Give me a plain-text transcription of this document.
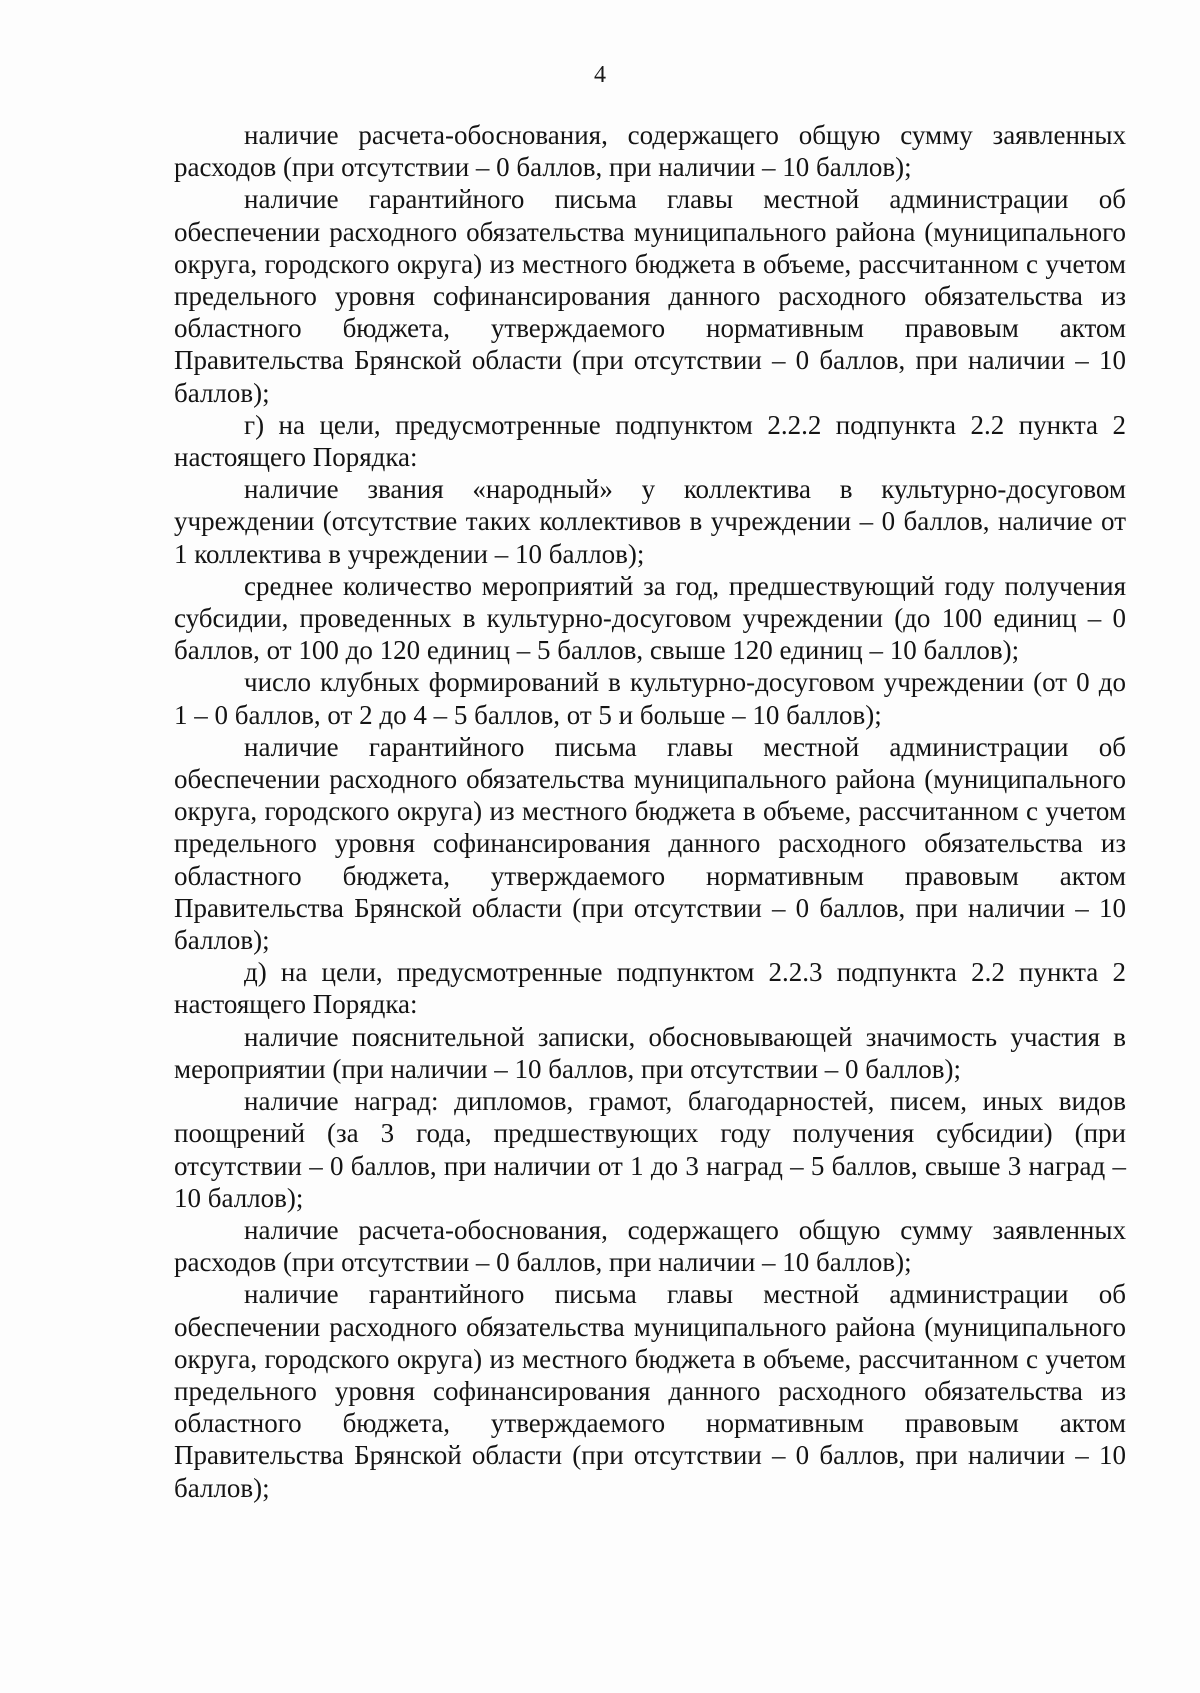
4

наличие расчета-обоснования, содержащего общую сумму заявленных расходов (при отсутствии – 0 баллов, при наличии – 10 баллов);

наличие гарантийного письма главы местной администрации об обеспечении расходного обязательства муниципального района (муниципального округа, городского округа) из местного бюджета в объеме, рассчитанном с учетом предельного уровня софинансирования данного расходного обязательства из областного бюджета, утверждаемого нормативным правовым актом Правительства Брянской области (при отсутствии – 0 баллов, при наличии – 10 баллов);

г) на цели, предусмотренные подпунктом 2.2.2 подпункта 2.2 пункта 2 настоящего Порядка:

наличие звания «народный» у коллектива в культурно-досуговом учреждении (отсутствие таких коллективов в учреждении – 0 баллов, наличие от 1 коллектива в учреждении – 10 баллов);

среднее количество мероприятий за год, предшествующий году получения субсидии, проведенных в культурно-досуговом учреждении (до 100 единиц – 0 баллов, от 100 до 120 единиц – 5 баллов, свыше 120 единиц – 10 баллов);

число клубных формирований в культурно-досуговом учреждении (от 0 до 1 – 0 баллов, от 2 до 4 – 5 баллов, от 5 и больше – 10 баллов);

наличие гарантийного письма главы местной администрации об обеспечении расходного обязательства муниципального района (муниципального округа, городского округа) из местного бюджета в объеме, рассчитанном с учетом предельного уровня софинансирования данного расходного обязательства из областного бюджета, утверждаемого нормативным правовым актом Правительства Брянской области (при отсутствии – 0 баллов, при наличии – 10 баллов);

д) на цели, предусмотренные подпунктом 2.2.3 подпункта 2.2 пункта 2 настоящего Порядка:

наличие пояснительной записки, обосновывающей значимость участия в мероприятии (при наличии – 10 баллов, при отсутствии – 0 баллов);

наличие наград: дипломов, грамот, благодарностей, писем, иных видов поощрений (за 3 года, предшествующих году получения субсидии) (при отсутствии – 0 баллов, при наличии от 1 до 3 наград – 5 баллов, свыше 3 наград – 10 баллов);

наличие расчета-обоснования, содержащего общую сумму заявленных расходов (при отсутствии – 0 баллов, при наличии – 10 баллов);

наличие гарантийного письма главы местной администрации об обеспечении расходного обязательства муниципального района (муниципального округа, городского округа) из местного бюджета в объеме, рассчитанном с учетом предельного уровня софинансирования данного расходного обязательства из областного бюджета, утверждаемого нормативным правовым актом Правительства Брянской области (при отсутствии – 0 баллов, при наличии – 10 баллов);
